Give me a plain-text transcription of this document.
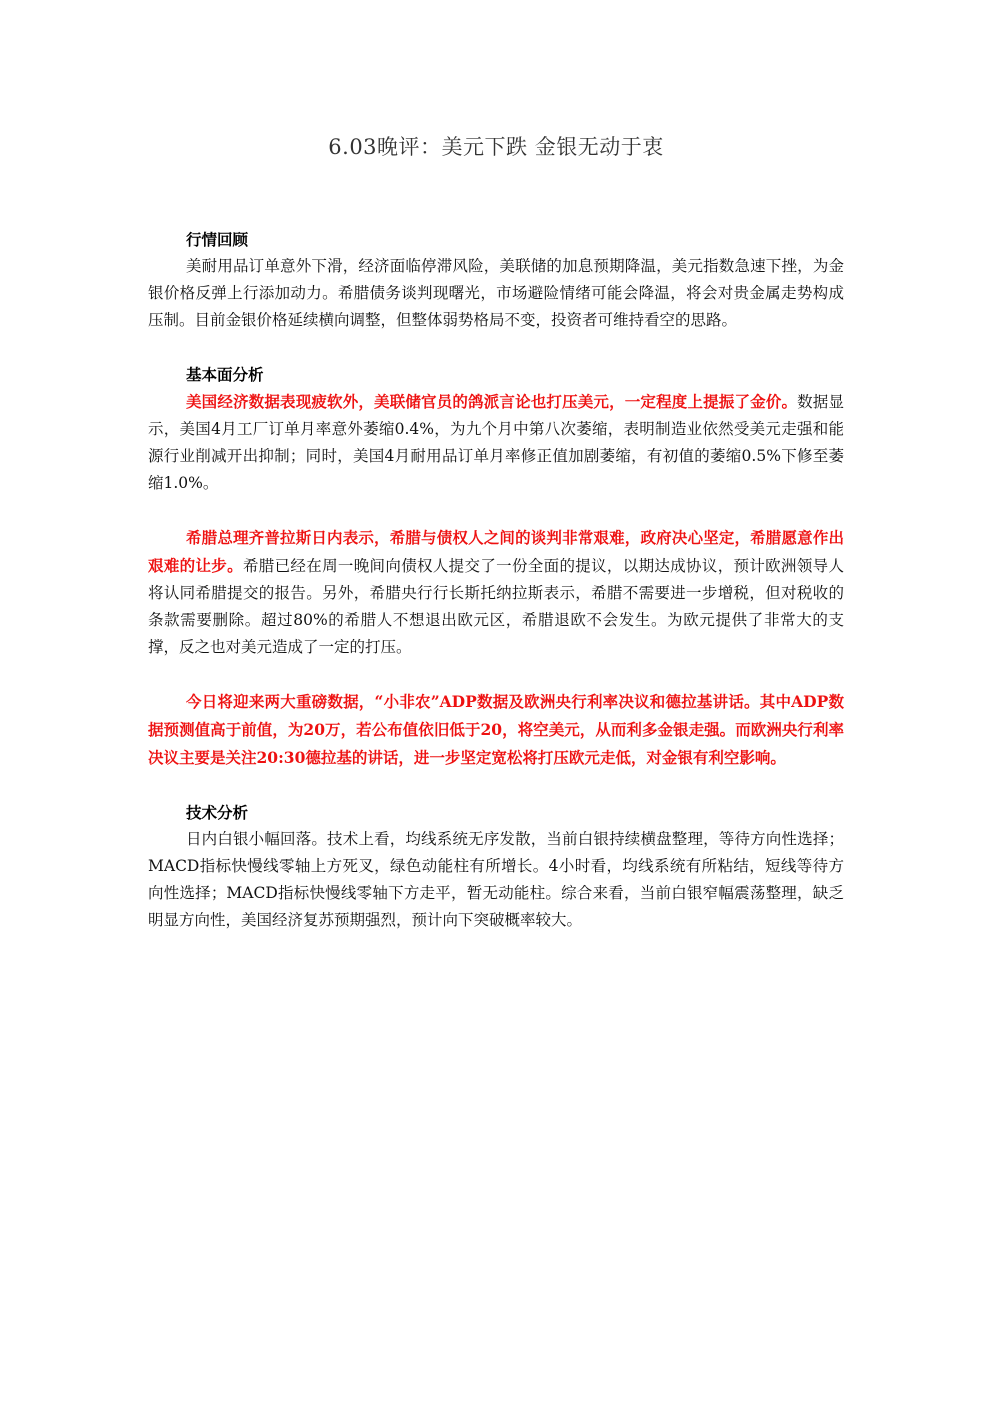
6.03晚评：美元下跌 金银无动于衷

行情回顾

美耐用品订单意外下滑，经济面临停滞风险，美联储的加息预期降温，美元指数急速下挫，为金银价格反弹上行添加动力。希腊债务谈判现曙光，市场避险情绪可能会降温，将会对贵金属走势构成压制。目前金银价格延续横向调整，但整体弱势格局不变，投资者可维持看空的思路。

基本面分析

美国经济数据表现疲软外，美联储官员的鸽派言论也打压美元，一定程度上提振了金价。数据显示，美国4月工厂订单月率意外萎缩0.4%，为九个月中第八次萎缩，表明制造业依然受美元走强和能源行业削减开出抑制；同时，美国4月耐用品订单月率修正值加剧萎缩，有初值的萎缩0.5%下修至萎缩1.0%。

希腊总理齐普拉斯日内表示，希腊与债权人之间的谈判非常艰难，政府决心坚定，希腊愿意作出艰难的让步。希腊已经在周一晚间向债权人提交了一份全面的提议，以期达成协议，预计欧洲领导人将认同希腊提交的报告。另外，希腊央行行长斯托纳拉斯表示，希腊不需要进一步增税，但对税收的条款需要删除。超过80%的希腊人不想退出欧元区，希腊退欧不会发生。为欧元提供了非常大的支撑，反之也对美元造成了一定的打压。

今日将迎来两大重磅数据，“小非农”ADP数据及欧洲央行利率决议和德拉基讲话。其中ADP数据预测值高于前值，为20万，若公布值依旧低于20，将空美元，从而利多金银走强。而欧洲央行利率决议主要是关注20:30德拉基的讲话，进一步坚定宽松将打压欧元走低，对金银有利空影响。

技术分析

日内白银小幅回落。技术上看，均线系统无序发散，当前白银持续横盘整理，等待方向性选择；MACD指标快慢线零轴上方死叉，绿色动能柱有所增长。4小时看，均线系统有所粘结，短线等待方向性选择；MACD指标快慢线零轴下方走平，暂无动能柱。综合来看，当前白银窄幅震荡整理，缺乏明显方向性，美国经济复苏预期强烈，预计向下突破概率较大。
